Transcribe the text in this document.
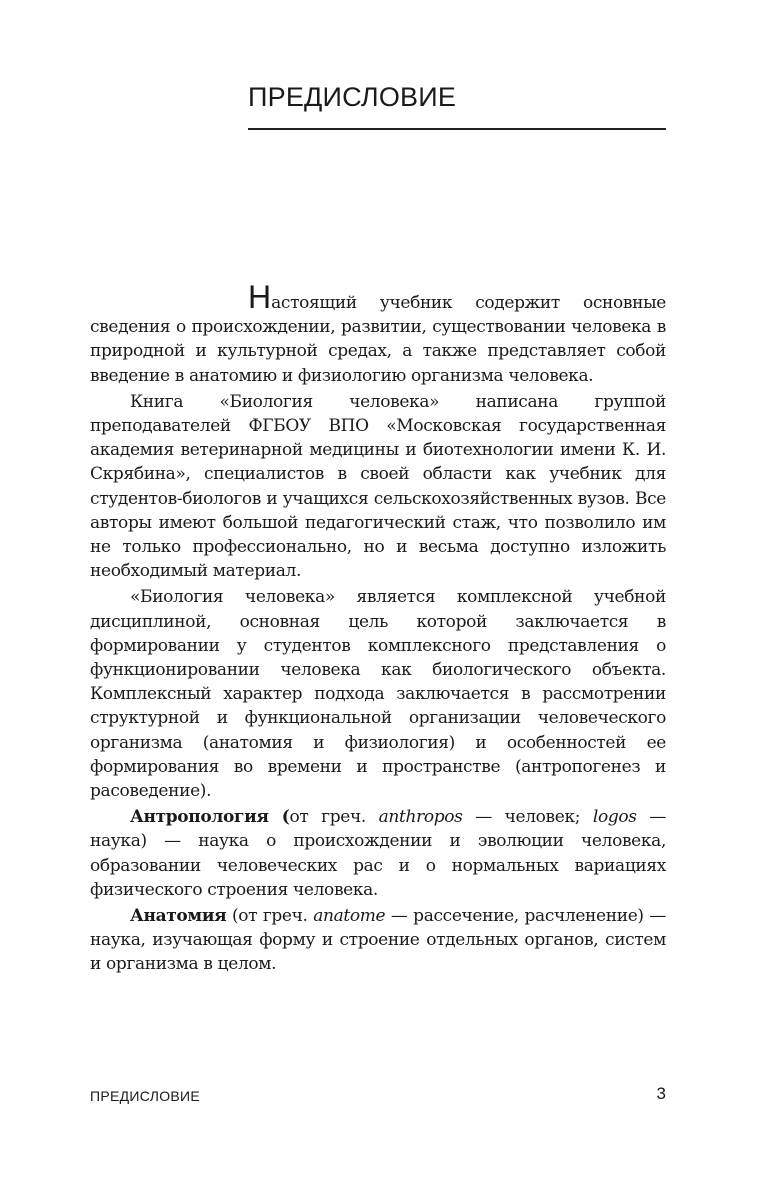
ПРЕДИСЛОВИЕ

Настоящий учебник содержит основные сведения о происхождении, развитии, существовании человека в природной и культурной средах, а также представляет собой введение в анатомию и физиологию организма человека.

Книга «Биология человека» написана группой преподавателей ФГБОУ ВПО «Московская государственная академия ветеринарной медицины и биотехнологии имени К. И. Скрябина», специалистов в своей области как учебник для студентов-биологов и учащихся сельскохозяйственных вузов. Все авторы имеют большой педагогический стаж, что позволило им не только профессионально, но и весьма доступно изложить необходимый материал.

«Биология человека» является комплексной учебной дисциплиной, основная цель которой заключается в формировании у студентов комплексного представления о функционировании человека как биологического объекта. Комплексный характер подхода заключается в рассмотрении структурной и функциональной организации человеческого организма (анатомия и физиология) и особенностей ее формирования во времени и пространстве (антропогенез и расоведение).

Антропология (от греч. anthropos — человек; logos — наука) — наука о происхождении и эволюции человека, образовании человеческих рас и о нормальных вариациях физического строения человека.

Анатомия (от греч. anatome — рассечение, расчленение) — наука, изучающая форму и строение отдельных органов, систем и организма в целом.

ПРЕДИСЛОВИЕ	3
